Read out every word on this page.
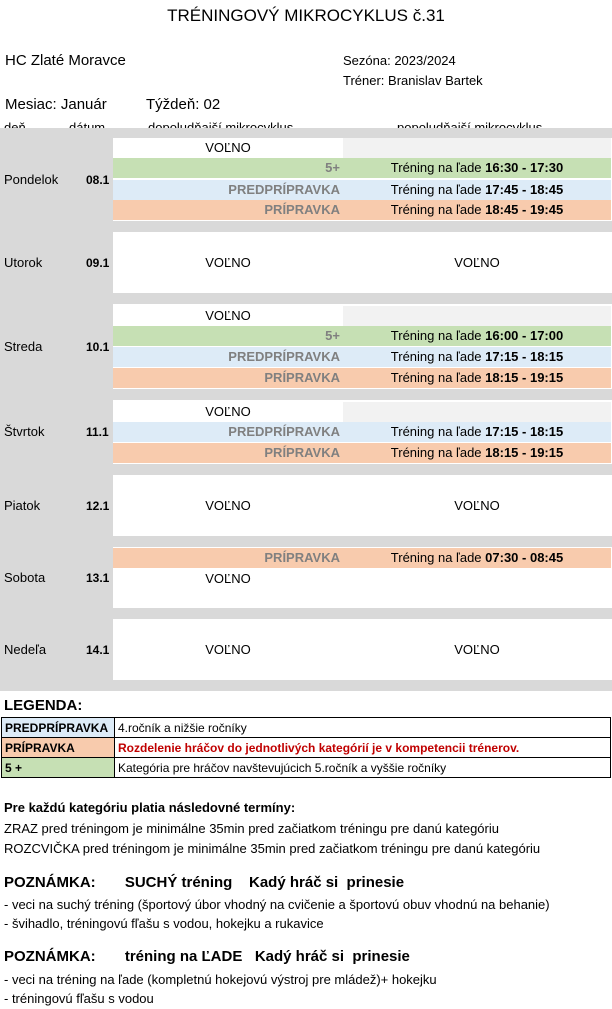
TRÉNINGOVÝ MIKROCYKLUS č.31
HC Zlaté Moravce	Sezóna: 2023/2024
Tréner: Branislav Bartek
Mesiac: Január	Týždeň: 02
Pondelok 08.1
VOĽNO
5+	Tréning na ľade 16:30 - 17:30
PREDPRÍPRAVKA	Tréning na ľade 17:45 - 18:45
PRÍPRAVKA	Tréning na ľade 18:45 - 19:45
Utorok	09.1	VOĽNO	VOĽNO
Streda	10.1
VOĽNO
5+	Tréning na ľade 16:00 - 17:00
PREDPRÍPRAVKA	Tréning na ľade 17:15 - 18:15
PRÍPRAVKA	Tréning na ľade 18:15 - 19:15
Štvrtok	11.1
VOĽNO
PREDPRÍPRAVKA	Tréning na ľade 17:15 - 18:15
PRÍPRAVKA	Tréning na ľade 18:15 - 19:15
Piatok	12.1	VOĽNO	VOĽNO
Sobota	13.1
PRÍPRAVKA	Tréning na ľade 07:30 - 08:45
VOĽNO
Nedeľa	14.1	VOĽNO	VOĽNO
LEGENDA:
PREDPRÍPRAVKA	4.ročník a nižšie ročníky
PRÍPRAVKA	Rozdelenie hráčov do jednotlivých kategórií je v kompetencii trénerov.
5 +	Kategória pre hráčov navštevujúcich 5.ročník a vyššie ročníky
Pre každú kategóriu platia následovné termíny:
ZRAZ pred tréningom je minimálne 35min pred začiatkom tréningu pre danú kategóriu
ROZCVIČKA pred tréningom je minimálne 35min pred začiatkom tréningu pre danú kategóriu
POZNÁMKA:       SUCHÝ tréning    Kadý hráč si  prinesie
- veci na suchý tréning (športový úbor vhodný na cvičenie a športovú obuv vhodnú na behanie)
- švihadlo, tréningovú fľašu s vodou, hokejku a rukavice
POZNÁMKA:       tréning na ĽADE   Kadý hráč si  prinesie
- veci na tréning na ľade (kompletnú hokejovú výstroj pre mládež)+ hokejku
- tréningovú fľašu s vodou
